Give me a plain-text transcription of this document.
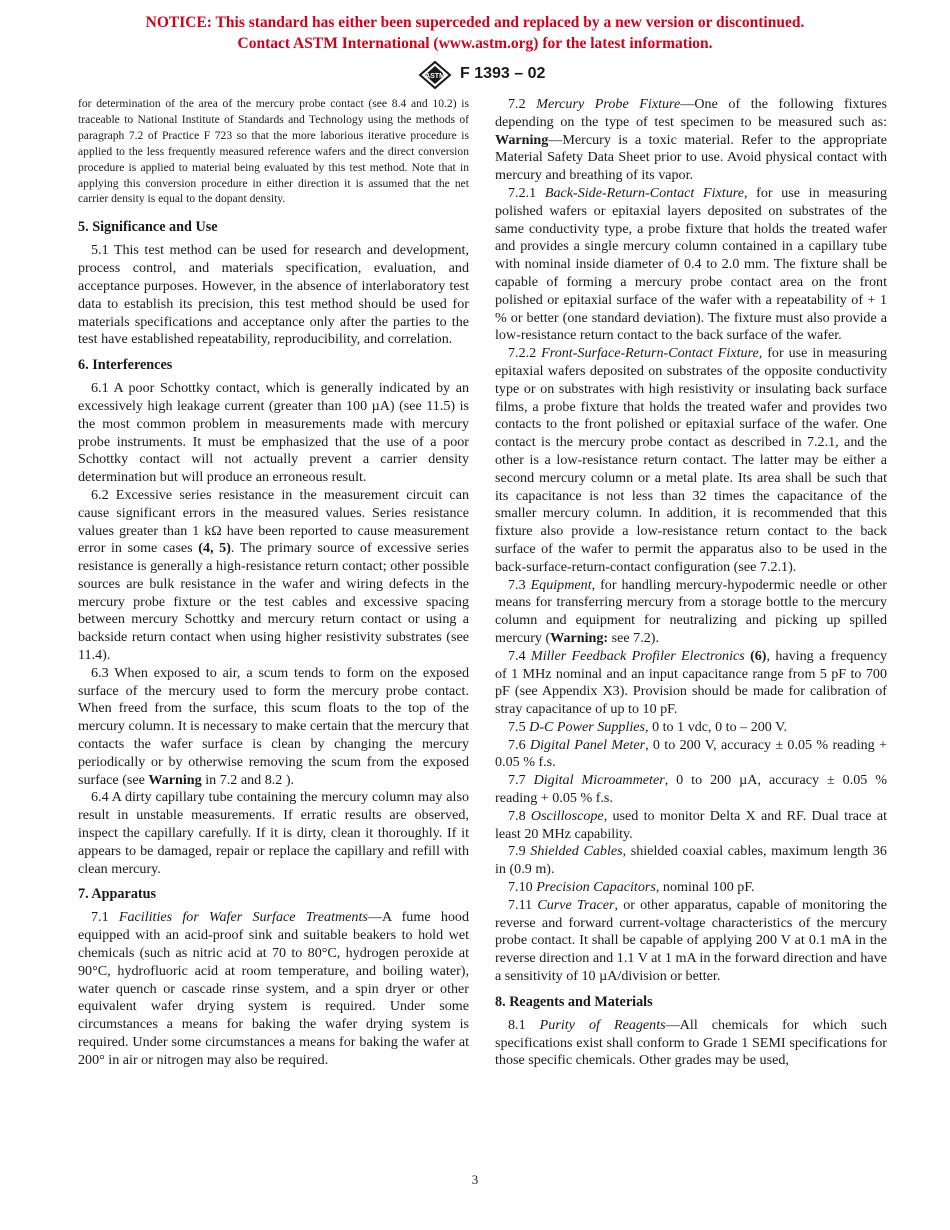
NOTICE: This standard has either been superceded and replaced by a new version or discontinued.
Contact ASTM International (www.astm.org) for the latest information.
ASTM F 1393 – 02

for determination of the area of the mercury probe contact (see 8.4 and 10.2) is traceable to National Institute of Standards and Technology using the methods of paragraph 7.2 of Practice F 723 so that the more laborious iterative procedure is applied to the less frequently measured reference wafers and the direct conversion procedure is applied to material being evaluated by this test method. Note that in applying this conversion procedure in either direction it is assumed that the net carrier density is equal to the dopant density.

5. Significance and Use

5.1 This test method can be used for research and development, process control, and materials specification, evaluation, and acceptance purposes. However, in the absence of interlaboratory test data to establish its precision, this test method should be used for materials specifications and acceptance only after the parties to the test have established repeatability, reproducibility, and correlation.

6. Interferences

6.1 A poor Schottky contact, which is generally indicated by an excessively high leakage current (greater than 100 µA) (see 11.5) is the most common problem in measurements made with mercury probe instruments. It must be emphasized that the use of a poor Schottky contact will not actually prevent a carrier density determination but will produce an erroneous result.

6.2 Excessive series resistance in the measurement circuit can cause significant errors in the measured values. Series resistance values greater than 1 kΩ have been reported to cause measurement error in some cases (4, 5). The primary source of excessive series resistance is generally a high-resistance return contact; other possible sources are bulk resistance in the wafer and wiring defects in the mercury probe fixture or the test cables and excessive spacing between mercury Schottky and mercury return contact or using a backside return contact when using higher resistivity substrates (see 11.4).

6.3 When exposed to air, a scum tends to form on the exposed surface of the mercury used to form the mercury probe contact. When freed from the surface, this scum floats to the top of the mercury column. It is necessary to make certain that the mercury that contacts the wafer surface is clean by changing the mercury periodically or by otherwise removing the scum from the exposed surface (see Warning in 7.2 and 8.2 ).

6.4 A dirty capillary tube containing the mercury column may also result in unstable measurements. If erratic results are observed, inspect the capillary carefully. If it is dirty, clean it thoroughly. If it appears to be damaged, repair or replace the capillary and refill with clean mercury.

7. Apparatus

7.1 Facilities for Wafer Surface Treatments—A fume hood equipped with an acid-proof sink and suitable beakers to hold wet chemicals (such as nitric acid at 70 to 80°C, hydrogen peroxide at 90°C, hydrofluoric acid at room temperature, and boiling water), water quench or cascade rinse system, and a spin dryer or other equivalent wafer drying system is required. Under some circumstances a means for baking the wafer drying system is required. Under some circumstances a means for baking the wafer at 200° in air or nitrogen may also be required.

7.2 Mercury Probe Fixture—One of the following fixtures depending on the type of test specimen to be measured such as: Warning—Mercury is a toxic material. Refer to the appropriate Material Safety Data Sheet prior to use. Avoid physical contact with mercury and breathing of its vapor.

7.2.1 Back-Side-Return-Contact Fixture, for use in measuring polished wafers or epitaxial layers deposited on substrates of the same conductivity type, a probe fixture that holds the treated wafer and provides a single mercury column contained in a capillary tube with nominal inside diameter of 0.4 to 2.0 mm. The fixture shall be capable of forming a mercury probe contact area on the front polished or epitaxial surface of the wafer with a repeatability of + 1 % or better (one standard deviation). The fixture must also provide a low-resistance return contact to the back surface of the wafer.

7.2.2 Front-Surface-Return-Contact Fixture, for use in measuring epitaxial wafers deposited on substrates of the opposite conductivity type or on substrates with high resistivity or insulating back surface films, a probe fixture that holds the treated wafer and provides two contacts to the front polished or epitaxial surface of the wafer. One contact is the mercury probe contact as described in 7.2.1, and the other is a low-resistance return contact. The latter may be either a second mercury column or a metal plate. Its area shall be such that its capacitance is not less than 32 times the capacitance of the smaller mercury column. In addition, it is recommended that this fixture also provide a low-resistance return contact to the back surface of the wafer to permit the apparatus also to be used in the back-surface-return-contact configuration (see 7.2.1).

7.3 Equipment, for handling mercury-hypodermic needle or other means for transferring mercury from a storage bottle to the mercury column and equipment for neutralizing and picking up spilled mercury (Warning: see 7.2).

7.4 Miller Feedback Profiler Electronics (6), having a frequency of 1 MHz nominal and an input capacitance range from 5 pF to 700 pF (see Appendix X3). Provision should be made for calibration of stray capacitance of up to 10 pF.

7.5 D-C Power Supplies, 0 to 1 vdc, 0 to – 200 V.

7.6 Digital Panel Meter, 0 to 200 V, accuracy ± 0.05 % reading + 0.05 % f.s.

7.7 Digital Microammeter, 0 to 200 µA, accuracy ± 0.05 % reading + 0.05 % f.s.

7.8 Oscilloscope, used to monitor Delta X and RF. Dual trace at least 20 MHz capability.

7.9 Shielded Cables, shielded coaxial cables, maximum length 36 in (0.9 m).

7.10 Precision Capacitors, nominal 100 pF.

7.11 Curve Tracer, or other apparatus, capable of monitoring the reverse and forward current-voltage characteristics of the mercury probe contact. It shall be capable of applying 200 V at 0.1 mA in the reverse direction and 1.1 V at 1 mA in the forward direction and have a sensitivity of 10 µA/division or better.

8. Reagents and Materials

8.1 Purity of Reagents—All chemicals for which such specifications exist shall conform to Grade 1 SEMI specifications for those specific chemicals. Other grades may be used,

3
